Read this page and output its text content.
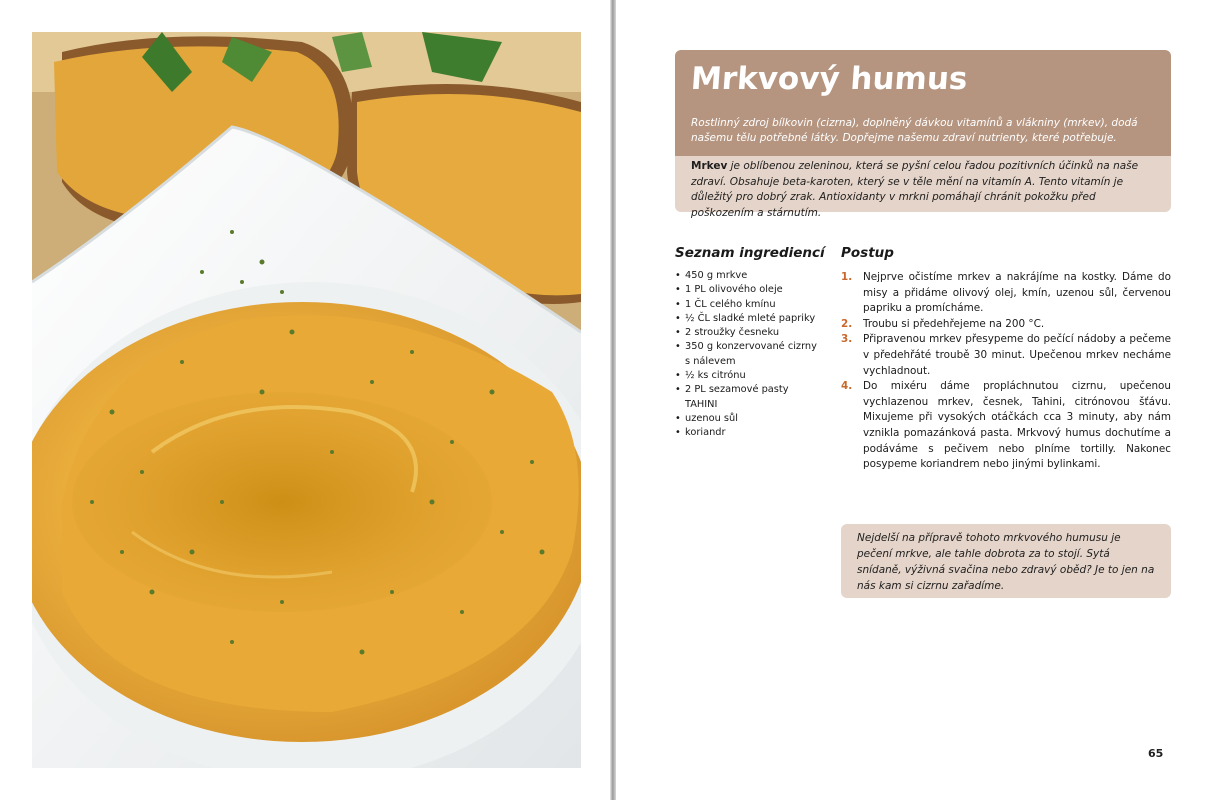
Mrkvový humus

Rostlinný zdroj bílkovin (cizrna), doplněný dávkou vitamínů a vlákniny (mrkev), dodá našemu tělu potřebné látky. Dopřejme našemu zdraví nutrienty, které potřebuje.

Mrkev je oblíbenou zeleninou, která se pyšní celou řadou pozitivních účinků na naše zdraví. Obsahuje beta-karoten, který se v těle mění na vitamín A. Tento vitamín je důležitý pro dobrý zrak. Antioxidanty v mrkni pomáhají chránit pokožku před poškozením a stárnutím.
Seznam ingrediencí
• 450 g mrkve
• 1 PL olivového oleje
• 1 ČL celého kmínu
• ½ ČL sladké mleté papriky
• 2 stroužky česneku
• 350 g konzervované cizrny s nálevem
• ½ ks citrónu
• 2 PL sezamové pasty TAHINI
• uzenou sůl
• koriandr
Postup
1. Nejprve očistíme mrkev a nakrájíme na kostky. Dáme do misy a přidáme olivový olej, kmín, uzenou sůl, červenou papriku a promícháme.
2. Troubu si předehřejeme na 200 °C.
3. Připravenou mrkev přesypeme do pečící nádoby a pečeme v předehřáté troubě 30 minut. Upečenou mrkev necháme vychladnout.
4. Do mixéru dáme propláchnutou cizrnu, upečenou vychlazenou mrkev, česnek, Tahini, citrónovou šťávu. Mixujeme při vysokých otáčkách cca 3 minuty, aby nám vznikla pomazánková pasta. Mrkvový humus dochutíme a podáváme s pečivem nebo plníme tortilly. Nakonec posypeme koriandrem nebo jinými bylinkami.
Nejdelší na přípravě tohoto mrkvového humusu je pečení mrkve, ale tahle dobrota za to stojí. Sytá snídaně, výživná svačina nebo zdravý oběd? Je to jen na nás kam si cizrnu zařadíme.
65
